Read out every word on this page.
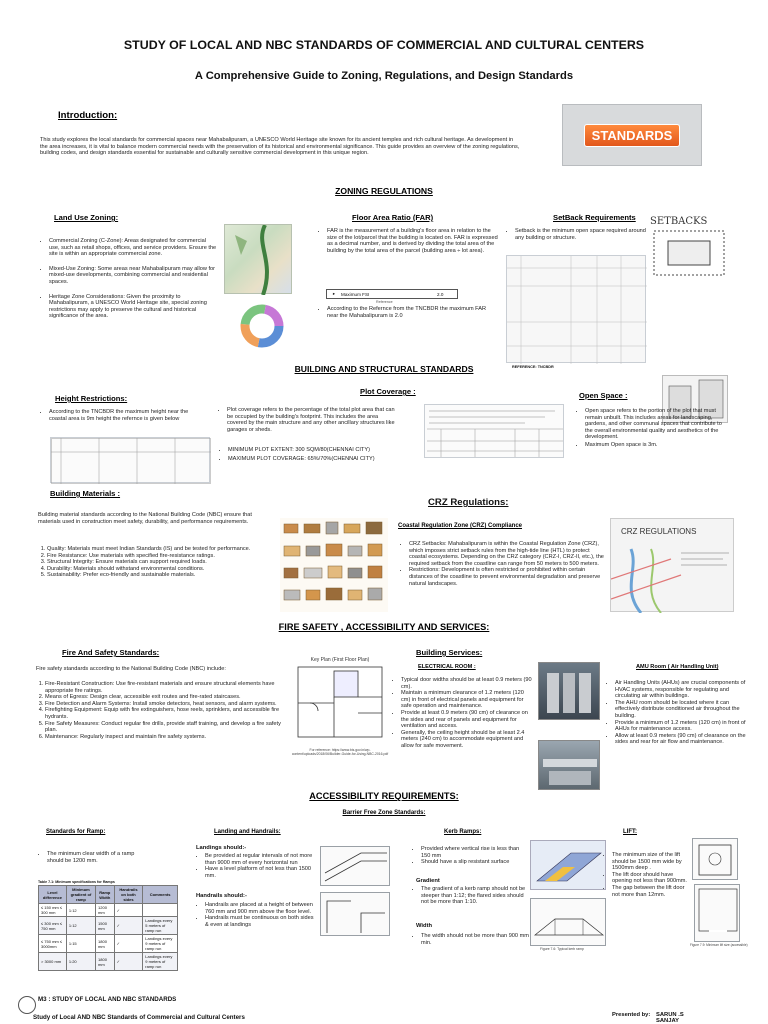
STUDY OF LOCAL AND NBC STANDARDS OF COMMERCIAL AND CULTURAL CENTERS
A Comprehensive Guide to Zoning, Regulations, and Design Standards
Introduction:
This study explores the local standards for commercial spaces near Mahabalipuram, a UNESCO World Heritage site known for its ancient temples and rich cultural heritage. As development in the area increases, it is vital to balance modern commercial needs with the preservation of its historical and environmental significance. This guide provides an overview of the zoning regulations, building codes, and design standards essential for sustainable and culturally sensitive commercial development in this unique region.
STANDARDS
ZONING REGULATIONS
Land Use Zoning:
• Commercial Zoning (C-Zone): Areas designated for commercial use, such as retail shops, offices, and service providers. Ensure the site is within an appropriate commercial zone.
• Mixed-Use Zoning: Some areas near Mahabalipuram may allow for mixed-use developments, combining commercial and residential spaces.
• Heritage Zone Considerations: Given the proximity to Mahabalipuram, a UNESCO World Heritage site, special zoning restrictions may apply to preserve the cultural and historical significance of the area.
Floor Area Ratio (FAR)
• FAR is the measurement of a building's floor area in relation to the size of the lot/parcel that the building is located on. FAR is expressed as a decimal number, and is derived by dividing the total area of the building by the total area of the parcel (building area ÷ lot area).
▸	Maximum FSI	2.0
Reference
• According to the Refernce from the TNCBDR the maximum FAR near the Mahabalipuram is 2.0
SetBack Requirements
• Setback is the minimum open space required around any building or structure.
SETBACKS
REFERENCE: TNCBDR
BUILDING AND STRUCTURAL STANDARDS
Height Restrictions:
• According to the TNCBDR the maximum height near the coastal area is 9m height the refernce is given below
Plot Coverage :
• Plot coverage refers to the percentage of the total plot area that can be occupied by the building's footprint. This includes the area covered by the main structure and any other ancillary structures like garages or sheds.
• MINIMUM PLOT EXTENT: 300 SQM/80(CHENNAI CITY)
• MAXIMUM PLOT COVERAGE: 65%/70%(CHENNAI CITY)
Open Space :
• Open space refers to the portion of the plot that must remain unbuilt. This includes areas for landscaping, gardens, and other communal spaces that contribute to the overall environmental quality and aesthetics of the development.
• Maximum Open space is 3m.
Building Materials :
Building material standards according to the National Building Code (NBC) ensure that materials used in construction meet safety, durability, and performance requirements.
1. Quality: Materials must meet Indian Standards (IS) and be tested for performance.
2. Fire Resistance: Use materials with specified fire-resistance ratings.
3. Structural Integrity: Ensure materials can support required loads.
4. Durability: Materials should withstand environmental conditions.
5. Sustainability: Prefer eco-friendly and sustainable materials.
CRZ Regulations:
Coastal Regulation Zone (CRZ) Compliance
• CRZ Setbacks: Mahabalipuram is within the Coastal Regulation Zone (CRZ), which imposes strict setback rules from the high-tide line (HTL) to protect coastal ecosystems. Depending on the CRZ category (CRZ-I, CRZ-II, etc.), the required setback from the coastline can range from 50 meters to 500 meters.
• Restrictions: Development is often restricted or prohibited within certain distances of the coastline to prevent environmental degradation and preserve natural landscapes.
CRZ REGULATIONS
FIRE SAFETY , ACCESSIBILITY AND SERVICES:
Fire And Safety Standards:
Fire safety standards according to the National Building Code (NBC) include:
1. Fire-Resistant Construction: Use fire-resistant materials and ensure structural elements have appropriate fire ratings.
2. Means of Egress: Design clear, accessible exit routes and fire-rated staircases.
3. Fire Detection and Alarm Systems: Install smoke detectors, heat sensors, and alarm systems.
4. Firefighting Equipment: Equip with fire extinguishers, hose reels, sprinklers, and accessible fire hydrants.
5. Fire Safety Measures: Conduct regular fire drills, provide staff training, and develop a fire safety plan.
6. Maintenance: Regularly inspect and maintain fire safety systems.
Key Plan (First Floor Plan)
For reference: https://www.bis.gov.in/wp-content/uploads/2018/06/Builder-Guide-for-Using-NBC-2016.pdf
Building Services:
ELECTRICAL ROOM :
• Typical door widths should be at least 0.9 meters (90 cm).
• Maintain a minimum clearance of 1.2 meters (120 cm) in front of electrical panels and equipment for safe operation and maintenance.
• Provide at least 0.9 meters (90 cm) of clearance on the sides and rear of panels and equipment for ventilation and access.
• Generally, the ceiling height should be at least 2.4 meters (240 cm) to accommodate equipment and allow for safe movement.
AMU Room ( Air Handling Unit)
• Air Handling Units (AHUs) are crucial components of HVAC systems, responsible for regulating and circulating air within buildings.
• The AHU room should be located where it can effectively distribute conditioned air throughout the building.
• Provide a minimum of 1.2 meters (120 cm) in front of AHUs for maintenance access.
• Allow at least 0.9 meters (90 cm) of clearance on the sides and rear for air flow and maintenance.
ACCESSIBILITY REQUIREMENTS:
Barrier Free Zone Standards:
Standards for Ramp:
• The minimum clear width of a ramp should be 1200 mm.
Table 7.1: Minimum specifications for Ramps
Level difference	Minimum gradient of ramp	Ramp Width	Handrails on both sides	Comments
≤ 150 mm ≤ 300 mm	1:12	1200 mm	✓	
≤ 300 mm ≤ 750 mm	1:12	1500 mm	✓	Landings every 5 meters of ramp run
≤ 750 mm ≤ 3000mm	1:15	1800 mm	✓	Landings every 9 meters of ramp run
> 3000 mm	1:20	1800 mm	✓	Landings every 9 meters of ramp run
Landing and Handrails:
Landings should:-
• Be provided at regular intervals of not more than 9000 mm of every horizontal run
• Have a level platform of not less than 1500 mm.
Handrails should:-
• Handrails are placed at a height of between 760 mm and 900 mm above the floor level.
• Handrails must be continuous on both sides & even at landings
Kerb Ramps:
• Provided where vertical rise is less than 150 mm
• Should have a slip resistant surface
Gradient
• The gradient of a kerb ramp should not be steeper than 1:12; the flared sides should not be more than 1:10.
Width
• The width should not be more than 900 mm min.
Figure 7.6: Typical kerb ramp
LIFT:
• The minimum size of the lift should be 1500 mm wide by 1500mm deep .
• The lift door should have opening not less than 900mm.
• The gap between the lift door not more than 12mm.
Figure 7.9: Minimum lift size (accessible)
M3 : STUDY OF LOCAL AND NBC STANDARDS
Study of Local AND NBC Standards of Commercial and Cultural Centers	Presented by: SARUN .S
SANJAY
